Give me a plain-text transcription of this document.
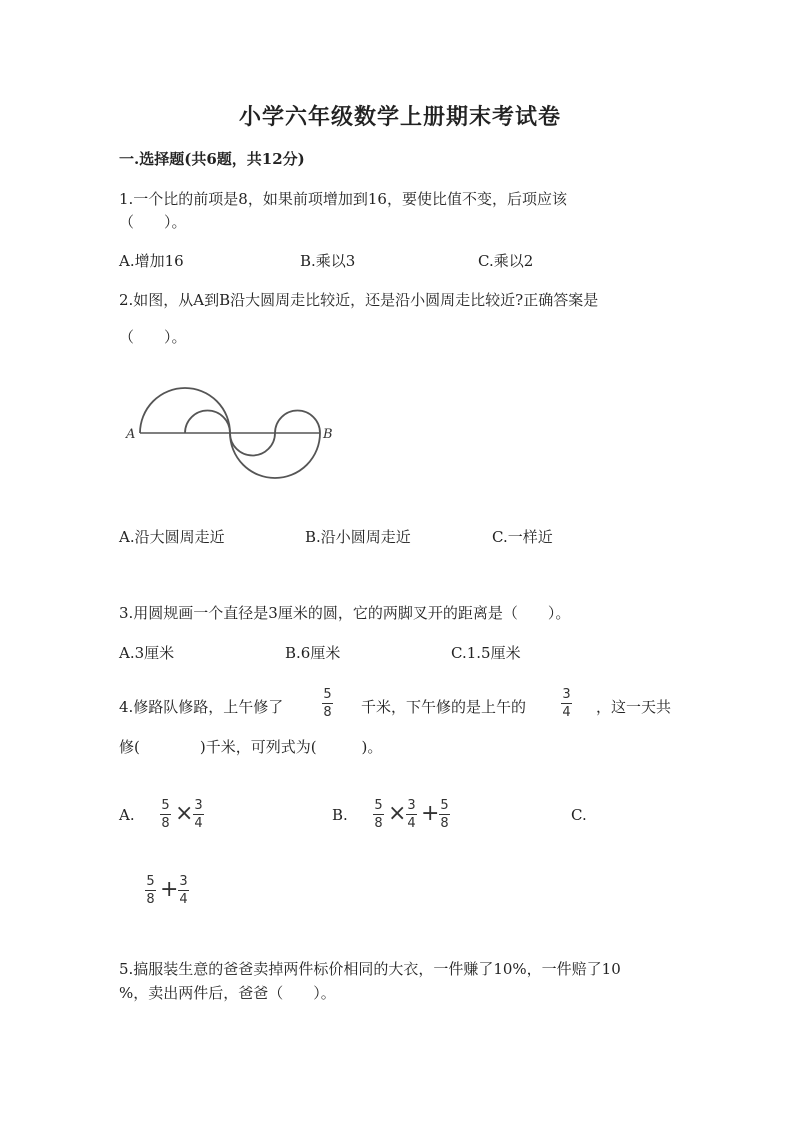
小学六年级数学上册期末考试卷
一.选择题(共6题，共12分)
1.一个比的前项是8，如果前项增加到16，要使比值不变，后项应该
（　　）。
A.增加16	B.乘以3	C.乘以2
2.如图，从A到B沿大圆周走比较近，还是沿小圆周走比较近?正确答案是
（　　）。
A	B
A.沿大圆周走近	B.沿小圆周走近	C.一样近
3.用圆规画一个直径是3厘米的圆，它的两脚叉开的距离是（　　）。
A.3厘米	B.6厘米	C.1.5厘米
4.修路队修路，上午修了
5
8 千米，下午修的是上午的
3
4 ，这一天共
修(　　　　)千米，可列式为(　　　)。
A.
5
8 × 3
4	B.
5
8 × 3
4 + 5
8	C.
5
8 + 3
4
5.搞服装生意的爸爸卖掉两件标价相同的大衣，一件赚了10%，一件赔了10
%，卖出两件后，爸爸（　　）。
